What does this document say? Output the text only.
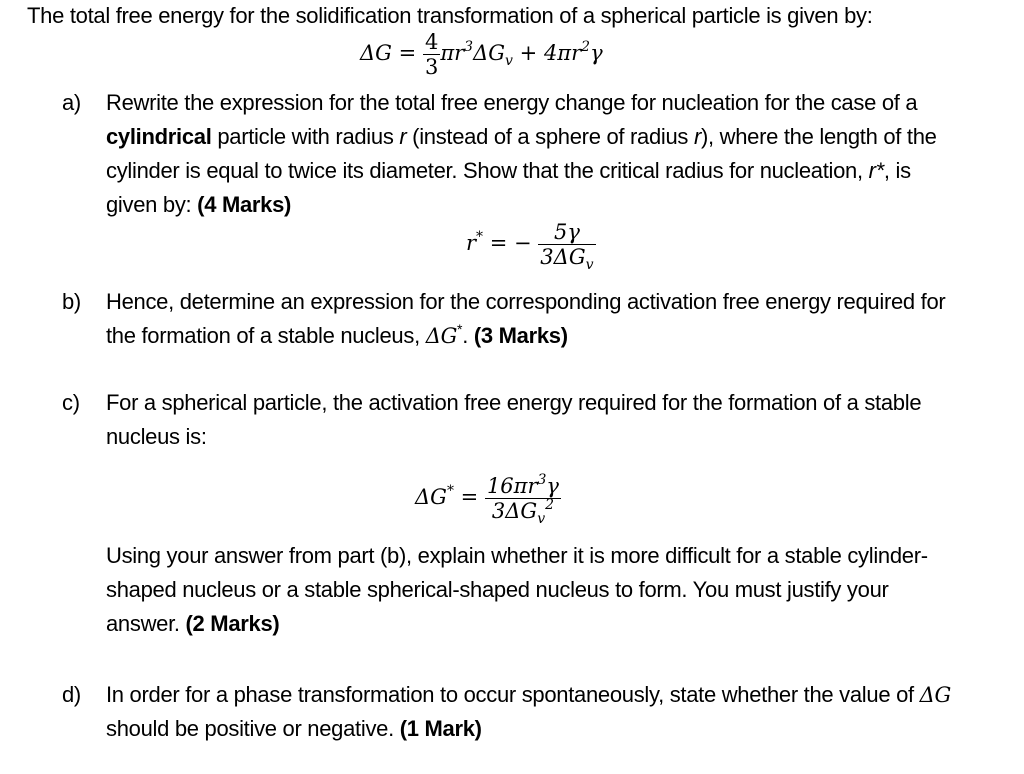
The total free energy for the solidification transformation of a spherical particle is given by:
$\Delta G = \frac{4}{3} \pi r^3\Delta G_v + 4\pi r^2\gamma$
a) Rewrite the expression for the total free energy change for nucleation for the case of a cylindrical particle with radius r (instead of a sphere of radius r), where the length of the cylinder is equal to twice its diameter. Show that the critical radius for nucleation, r*, is given by: (4 Marks)
r* = − $\frac{5\gamma}{3\Delta G_v}$
b) Hence, determine an expression for the corresponding activation free energy required for the formation of a stable nucleus, ΔG*. (3 Marks)
c) For a spherical particle, the activation free energy required for the formation of a stable nucleus is:
$\Delta G^* = \frac{16\pi r^3\gamma}{3\Delta G_v^2}$
Using your answer from part (b), explain whether it is more difficult for a stable cylinder-shaped nucleus or a stable spherical-shaped nucleus to form. You must justify your answer. (2 Marks)
d) In order for a phase transformation to occur spontaneously, state whether the value of ΔG should be positive or negative. (1 Mark)
